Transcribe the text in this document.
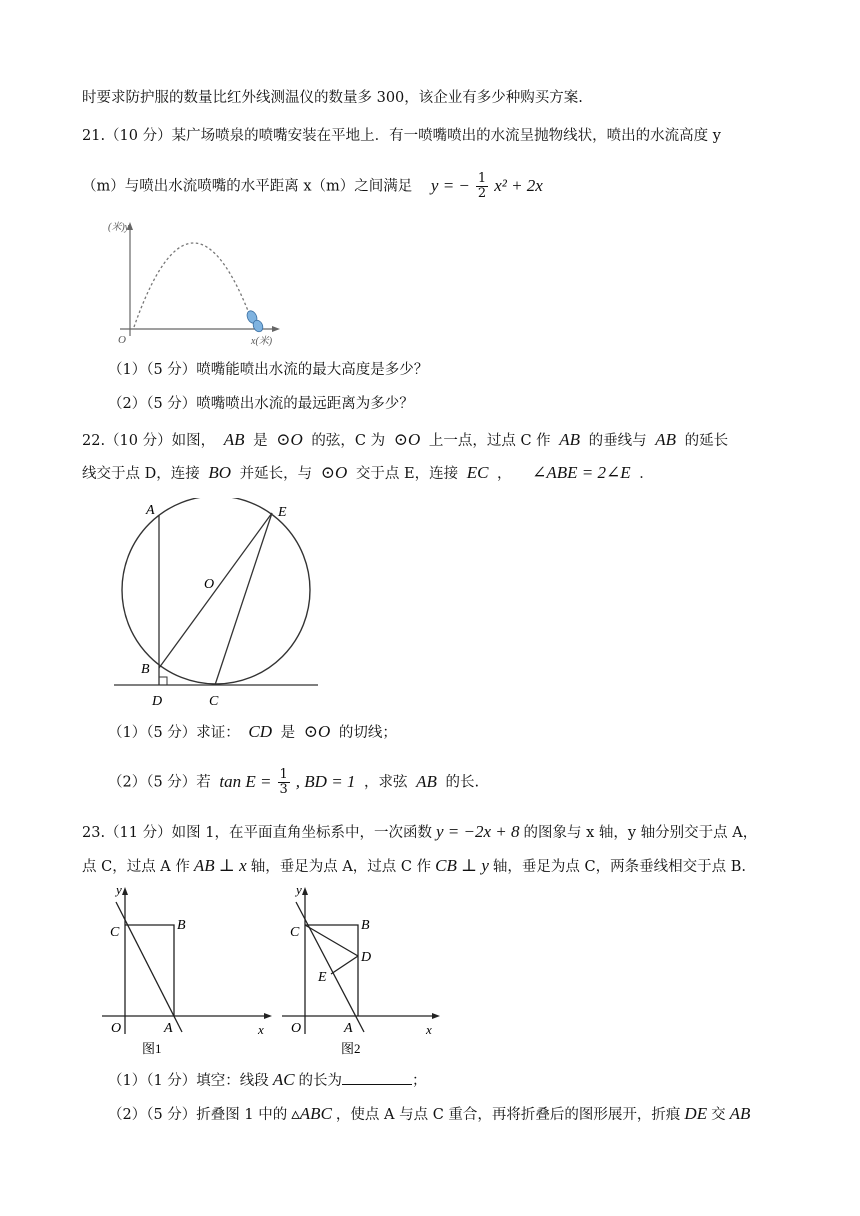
时要求防护服的数量比红外线测温仪的数量多 300，该企业有多少种购买方案.
21.（10 分）某广场喷泉的喷嘴安装在平地上．有一喷嘴喷出的水流呈抛物线状，喷出的水流高度 y
（m）与喷出水流喷嘴的水平距离 x（m）之间满足 y = − $\frac{1}{2} x^2 + 2x$
(米)y
x(米)
O
（1）（5 分）喷嘴能喷出水流的最大高度是多少？
（2）（5 分）喷嘴喷出水流的最远距离为多少？
22.（10 分）如图， AB 是 ⊙O 的弦，C 为 ⊙O 上一点，过点 C 作 AB 的垂线与 AB 的延长
线交于点 D，连接 BO 并延长，与 ⊙O 交于点 E，连接 EC ， ∠ABE = 2∠E ．
A	E
O
B
D	C
（1）（5 分）求证： CD 是 ⊙O 的切线；
（2）（5 分）若 $\tan E = \frac{1}{3}$ , BD = 1 ，求弦 AB 的长.
23.（11 分）如图 1，在平面直角坐标系中，一次函数 y = −2x + 8 的图象与 x 轴，y 轴分别交于点 A，
点 C，过点 A 作 AB ⊥ x 轴，垂足为点 A，过点 C 作 CB ⊥ y 轴，垂足为点 C，两条垂线相交于点 B.
y
x
O	A
B
C
图1
y
x
O	A
B
C
D
E
图2
（1）（1 分）填空：线段 AC 的长为	；
（2）（5 分）折叠图 1 中的 ▵ABC ，使点 A 与点 C 重合，再将折叠后的图形展开，折痕 DE 交 AB
